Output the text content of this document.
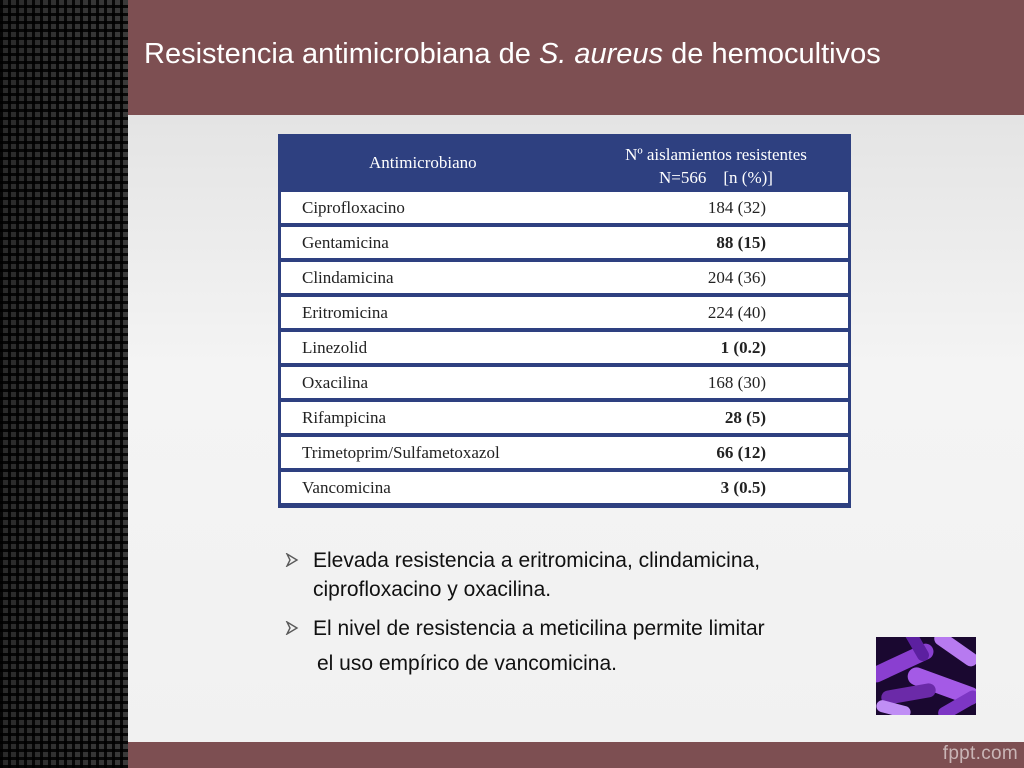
Resistencia antimicrobiana de S. aureus de hemocultivos
Antimicrobiano	Nº aislamientos resistentes
N=566    [n (%)]
Ciprofloxacino	184 (32)
Gentamicina	88 (15)
Clindamicina	204 (36)
Eritromicina	224 (40)
Linezolid	1 (0.2)
Oxacilina	168 (30)
Rifampicina	28 (5)
Trimetoprim/Sulfametoxazol	66 (12)
Vancomicina	3 (0.5)
Elevada resistencia a eritromicina, clindamicina,
ciprofloxacino y oxacilina.
El nivel de resistencia a meticilina permite limitar
el uso empírico de vancomicina.
fppt.com
